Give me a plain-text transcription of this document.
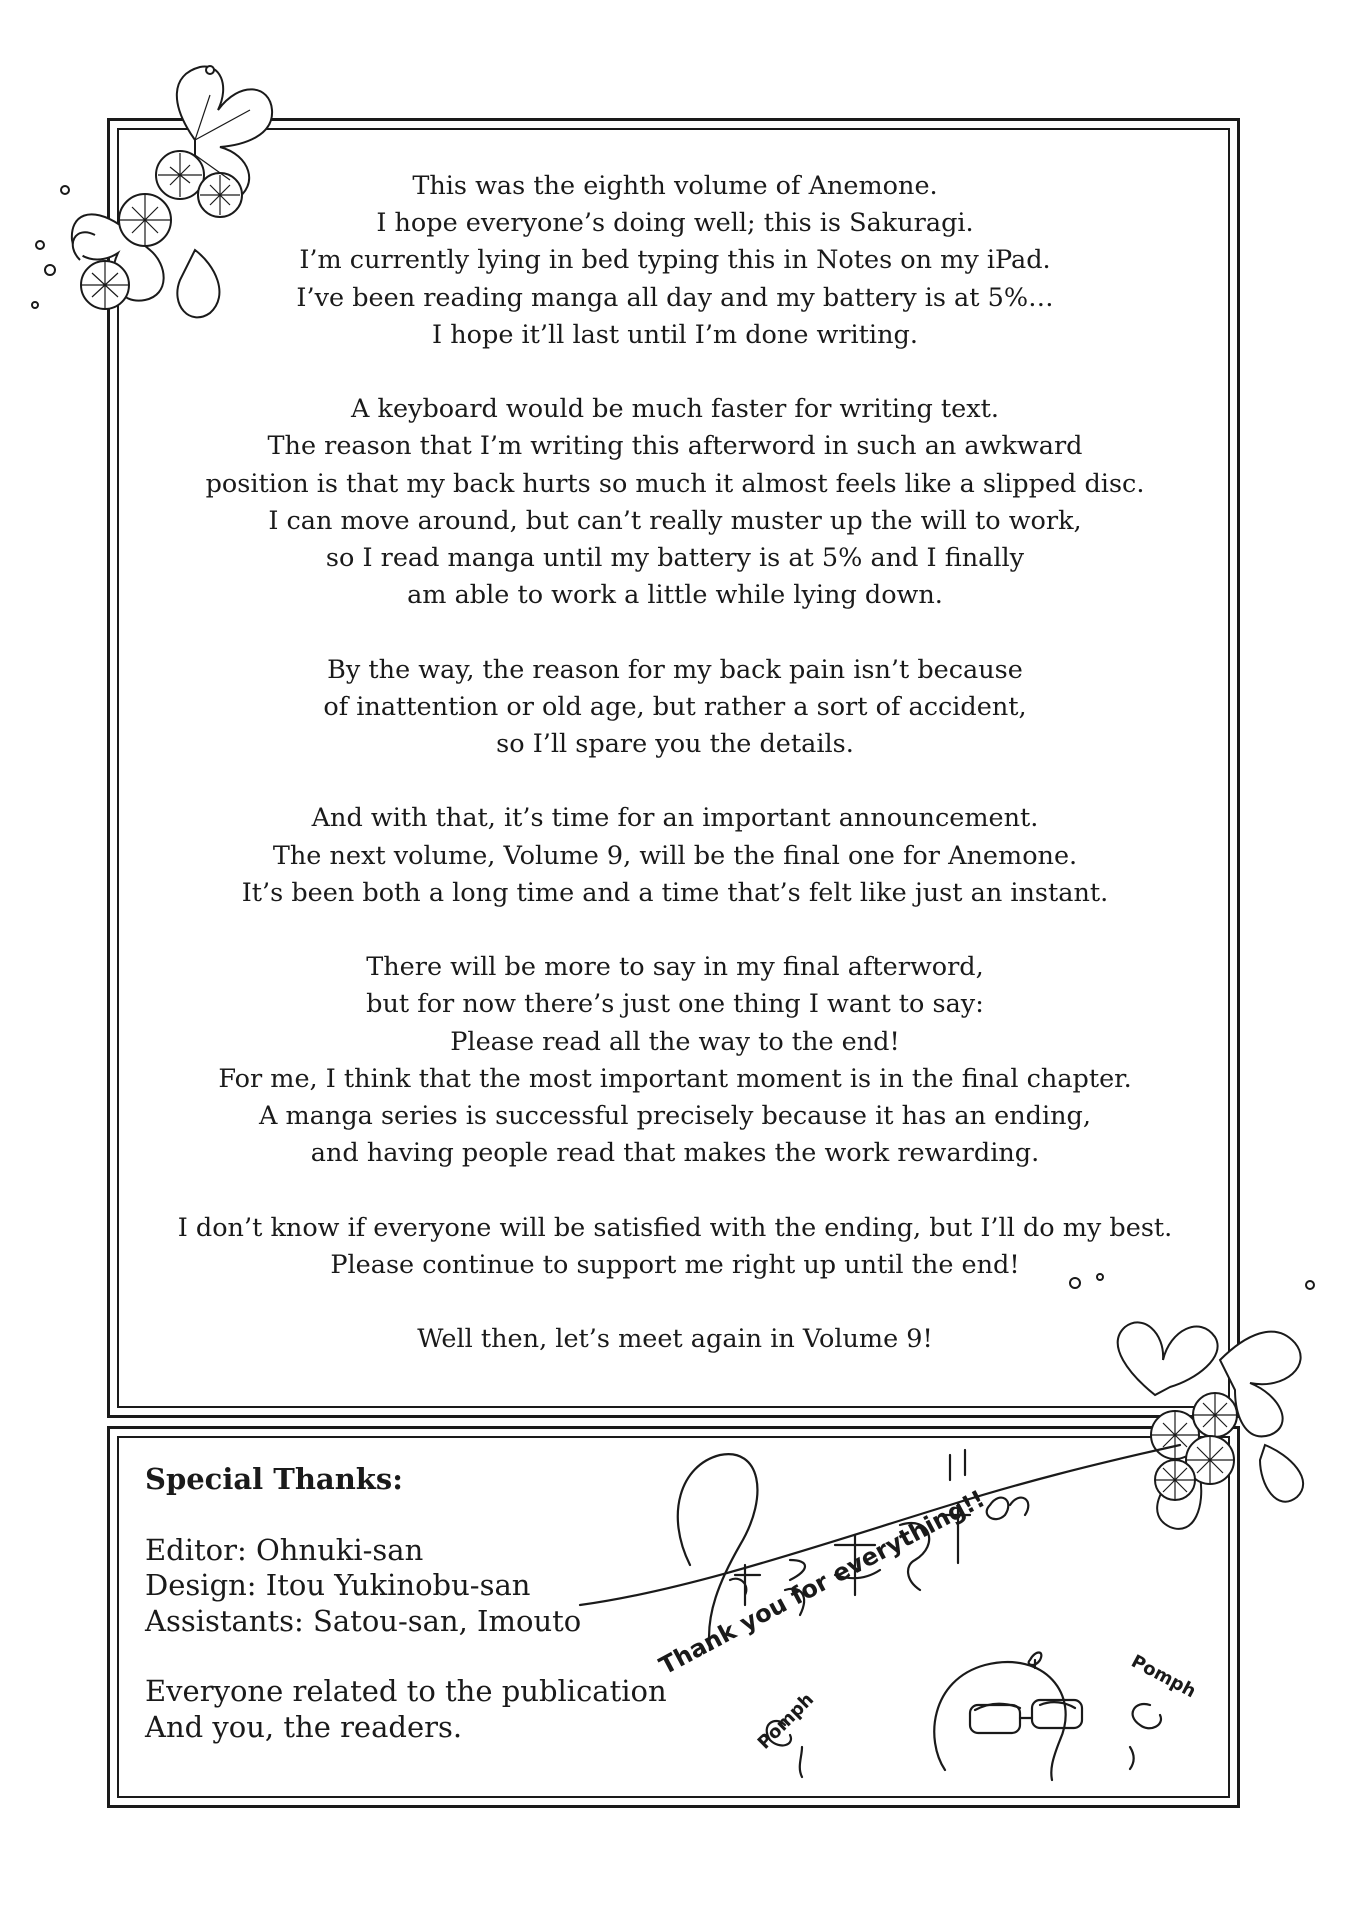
This was the eighth volume of Anemone.
I hope everyone’s doing well; this is Sakuragi.
I’m currently lying in bed typing this in Notes on my iPad.
I’ve been reading manga all day and my battery is at 5%…
I hope it’ll last until I’m done writing.

A keyboard would be much faster for writing text.
The reason that I’m writing this afterword in such an awkward
position is that my back hurts so much it almost feels like a slipped disc.
I can move around, but can’t really muster up the will to work,
so I read manga until my battery is at 5% and I finally
am able to work a little while lying down.

By the way, the reason for my back pain isn’t because
of inattention or old age, but rather a sort of accident,
so I’ll spare you the details.

And with that, it’s time for an important announcement.
The next volume, Volume 9, will be the final one for Anemone.
It’s been both a long time and a time that’s felt like just an instant.

There will be more to say in my final afterword,
but for now there’s just one thing I want to say:
Please read all the way to the end!
For me, I think that the most important moment is in the final chapter.
A manga series is successful precisely because it has an ending,
and having people read that makes the work rewarding.

I don’t know if everyone will be satisfied with the ending, but I’ll do my best.
Please continue to support me right up until the end!

Well then, let’s meet again in Volume 9!

Special Thanks:
Editor: Ohnuki-san
Design: Itou Yukinobu-san
Assistants: Satou-san, Imouto
Everyone related to the publication
And you, the readers.
Thank you for everything!!
Pomph
Pomph
